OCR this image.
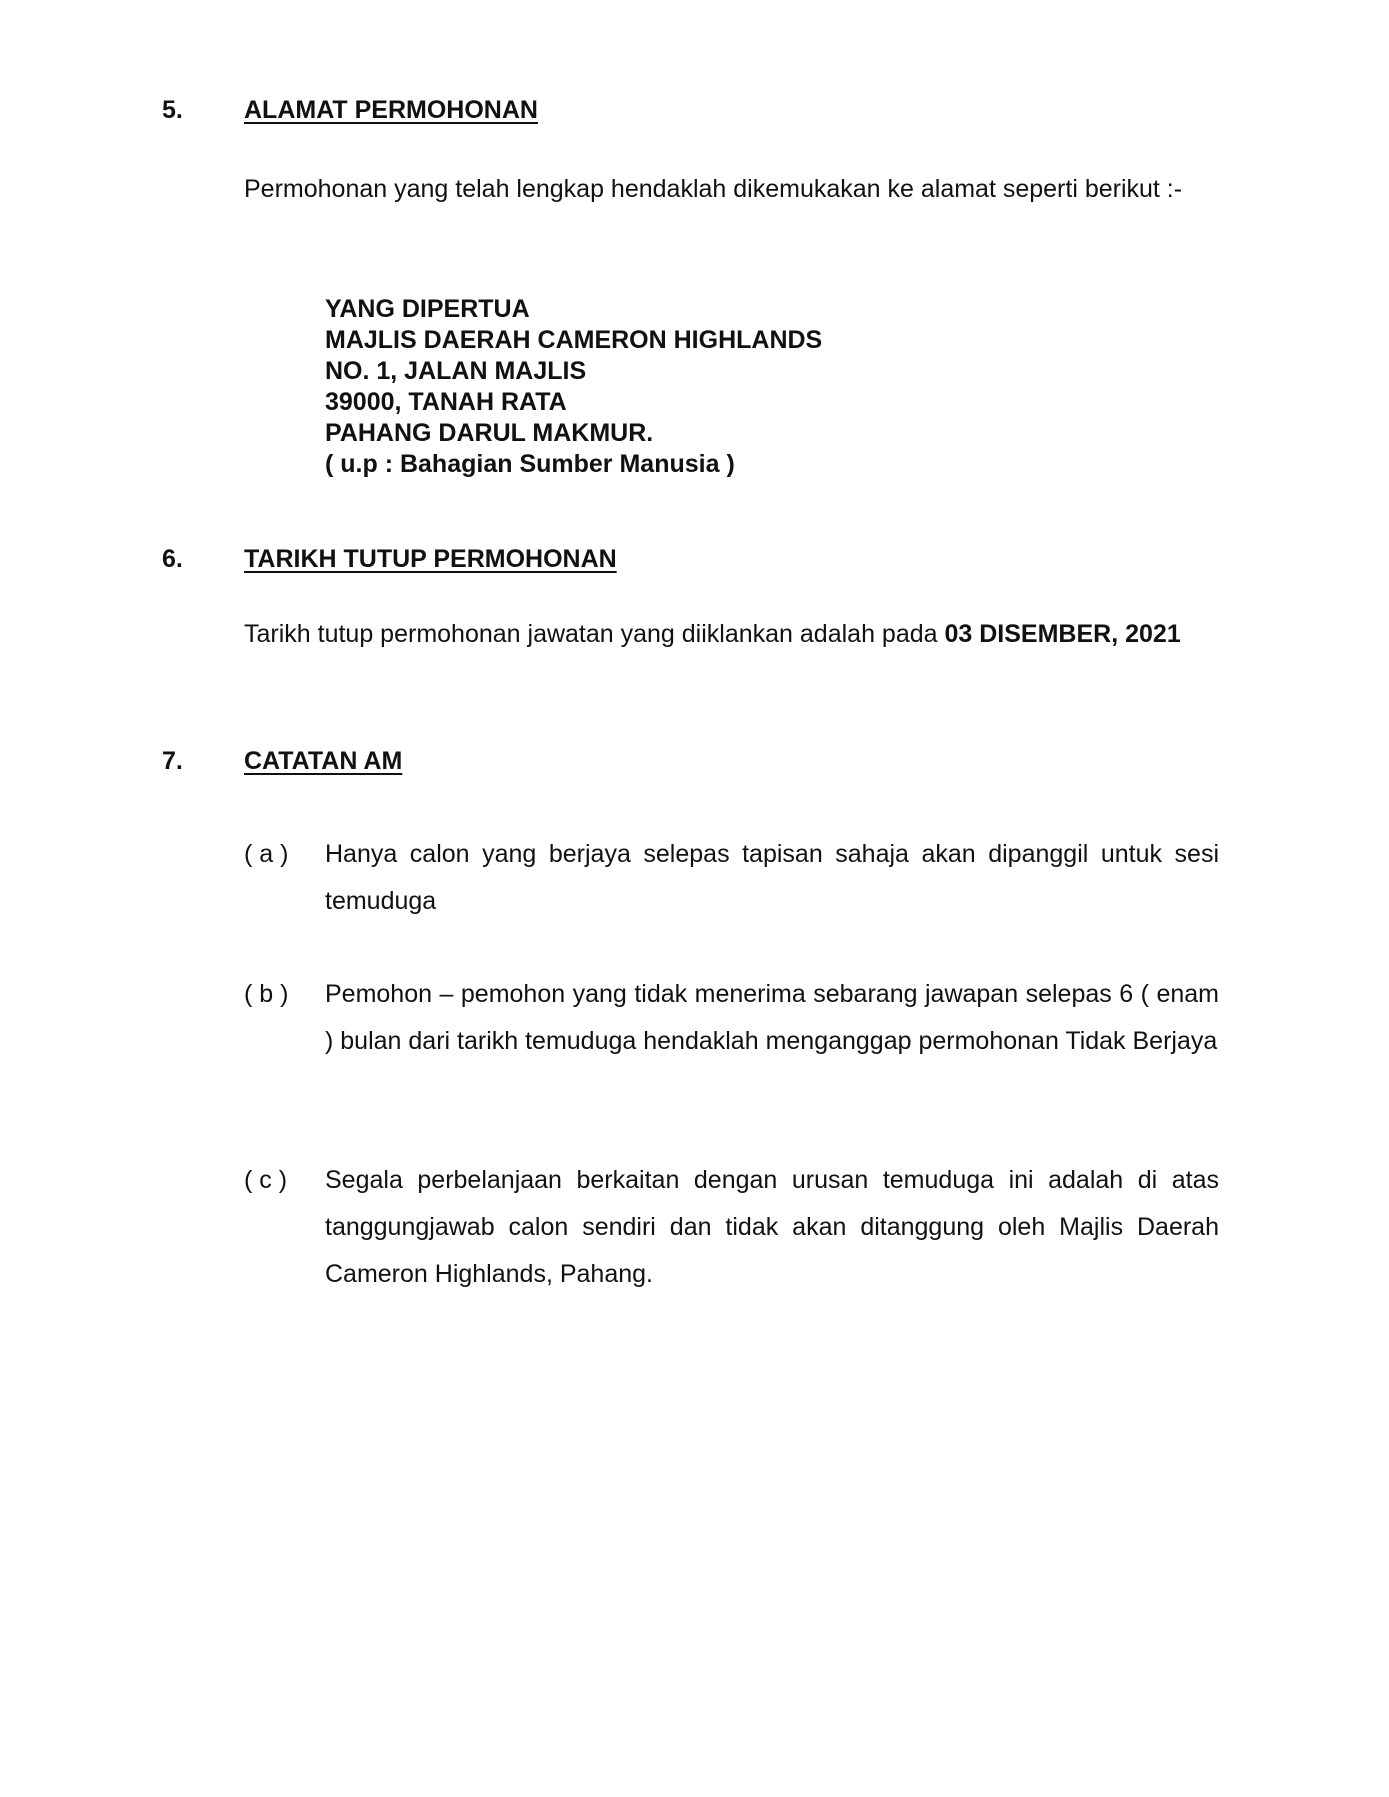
5. ALAMAT PERMOHONAN
Permohonan yang telah lengkap hendaklah dikemukakan ke alamat seperti berikut :-
YANG DIPERTUA
MAJLIS DAERAH CAMERON HIGHLANDS
NO. 1, JALAN MAJLIS
39000, TANAH RATA
PAHANG DARUL MAKMUR.
( u.p : Bahagian Sumber Manusia )
6. TARIKH TUTUP PERMOHONAN
Tarikh tutup permohonan jawatan yang diiklankan adalah pada 03 DISEMBER, 2021
7. CATATAN AM
( a ) Hanya calon yang berjaya selepas tapisan sahaja akan dipanggil untuk sesi temuduga
( b ) Pemohon – pemohon yang tidak menerima sebarang jawapan selepas 6 ( enam ) bulan dari tarikh temuduga hendaklah menganggap permohonan Tidak Berjaya
( c ) Segala perbelanjaan berkaitan dengan urusan temuduga ini adalah di atas tanggungjawab calon sendiri dan tidak akan ditanggung oleh Majlis Daerah Cameron Highlands, Pahang.
